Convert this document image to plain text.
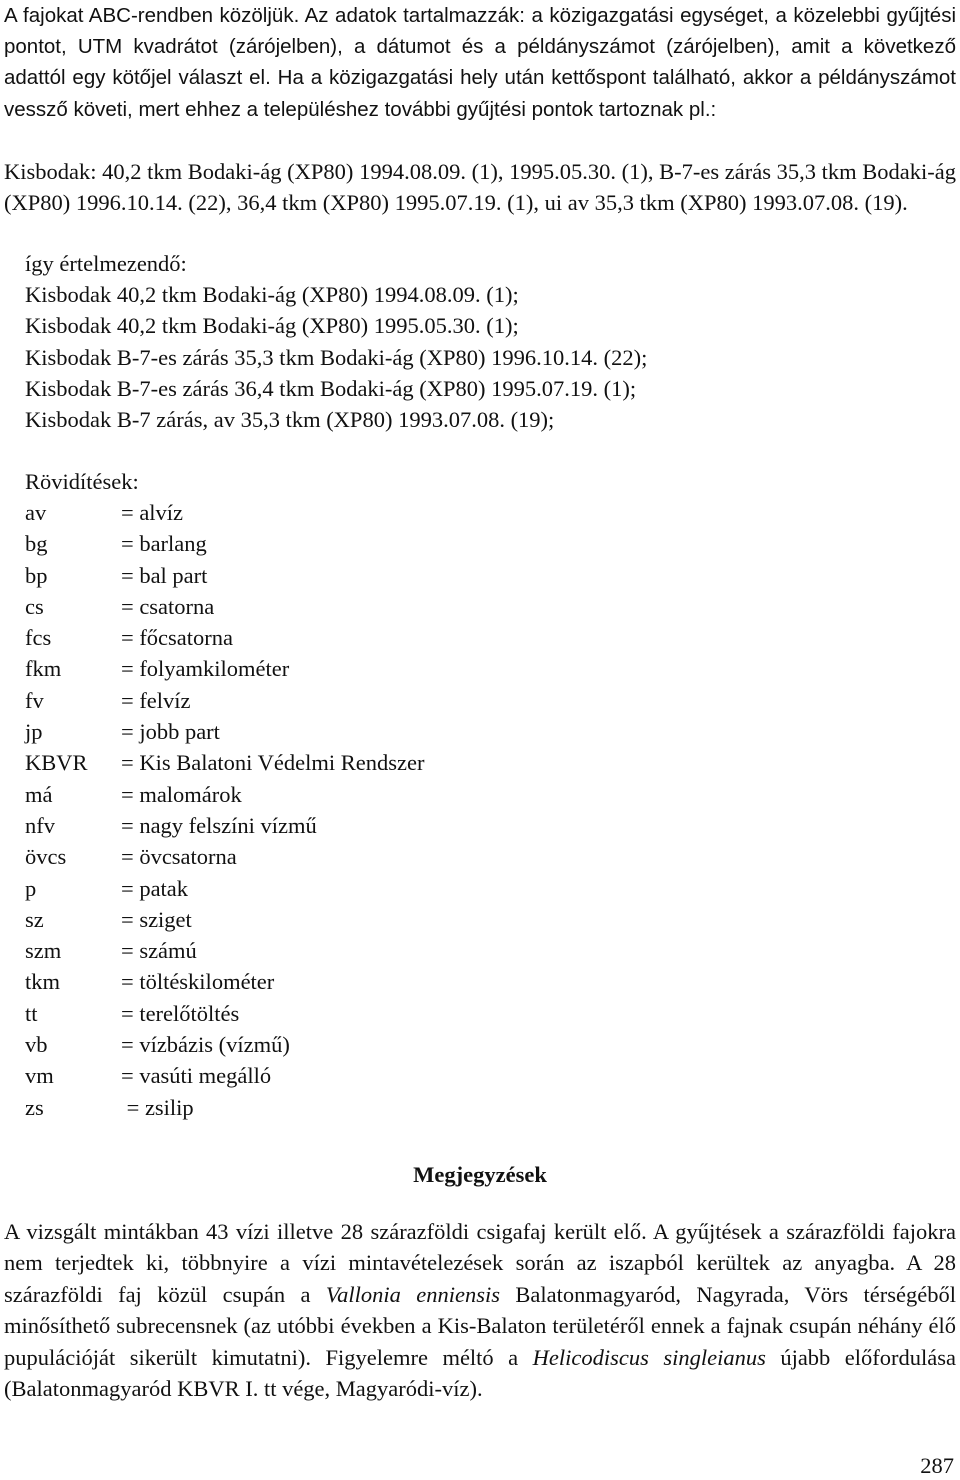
A fajokat ABC-rendben közöljük. Az adatok tartalmazzák: a közigazgatási egységet, a közelebbi gyűjtési pontot, UTM kvadrátot (zárójelben), a dátumot és a példányszámot (zárójelben), amit a következő adattól egy kötőjel választ el. Ha a közigazgatási hely után kettőspont található, akkor a példányszámot vessző követi, mert ehhez a településhez további gyűjtési pontok tartoznak pl.:

Kisbodak: 40,2 tkm Bodaki-ág (XP80) 1994.08.09. (1), 1995.05.30. (1), B-7-es zárás 35,3 tkm Bodaki-ág (XP80) 1996.10.14. (22), 36,4 tkm (XP80) 1995.07.19. (1), ui av 35,3 tkm (XP80) 1993.07.08. (19).
így értelmezendő:
Kisbodak 40,2 tkm Bodaki-ág (XP80) 1994.08.09. (1);
Kisbodak 40,2 tkm Bodaki-ág (XP80) 1995.05.30. (1);
Kisbodak B-7-es zárás 35,3 tkm Bodaki-ág (XP80) 1996.10.14. (22);
Kisbodak B-7-es zárás 36,4 tkm Bodaki-ág (XP80) 1995.07.19. (1);
Kisbodak B-7 zárás, av 35,3 tkm (XP80) 1993.07.08. (19);
Rövidítések:
av	= alvíz
bg	= barlang
bp	= bal part
cs	= csatorna
fcs	= főcsatorna
fkm	= folyamkilométer
fv	= felvíz
jp	= jobb part
KBVR = Kis Balatoni Védelmi Rendszer
má	= malomárok
nfv	= nagy felszíni vízmű
övcs = övcsatorna
p	= patak
sz	= sziget
szm	= számú
tkm	= töltéskilométer
tt	= terelőtöltés
vb	= vízbázis (vízmű)
vm	= vasúti megálló
zs	= zsilip
Megjegyzések

A vizsgált mintákban 43 vízi illetve 28 szárazföldi csigafaj került elő. A gyűjtések a szárazföldi fajokra nem terjedtek ki, többnyire a vízi mintavételezések során az iszapból kerültek az anyagba. A 28 szárazföldi faj közül csupán a Vallonia enniensis Balatonmagyaród, Nagyrada, Vörs térségéből minősíthető subrecensnek (az utóbbi években a Kis-Balaton területéről ennek a fajnak csupán néhány élő pupulációját sikerült kimutatni). Figyelemre méltó a Helicodiscus singleianus újabb előfordulása (Balatonmagyaród KBVR I. tt vége, Magyaródi-víz).

287
